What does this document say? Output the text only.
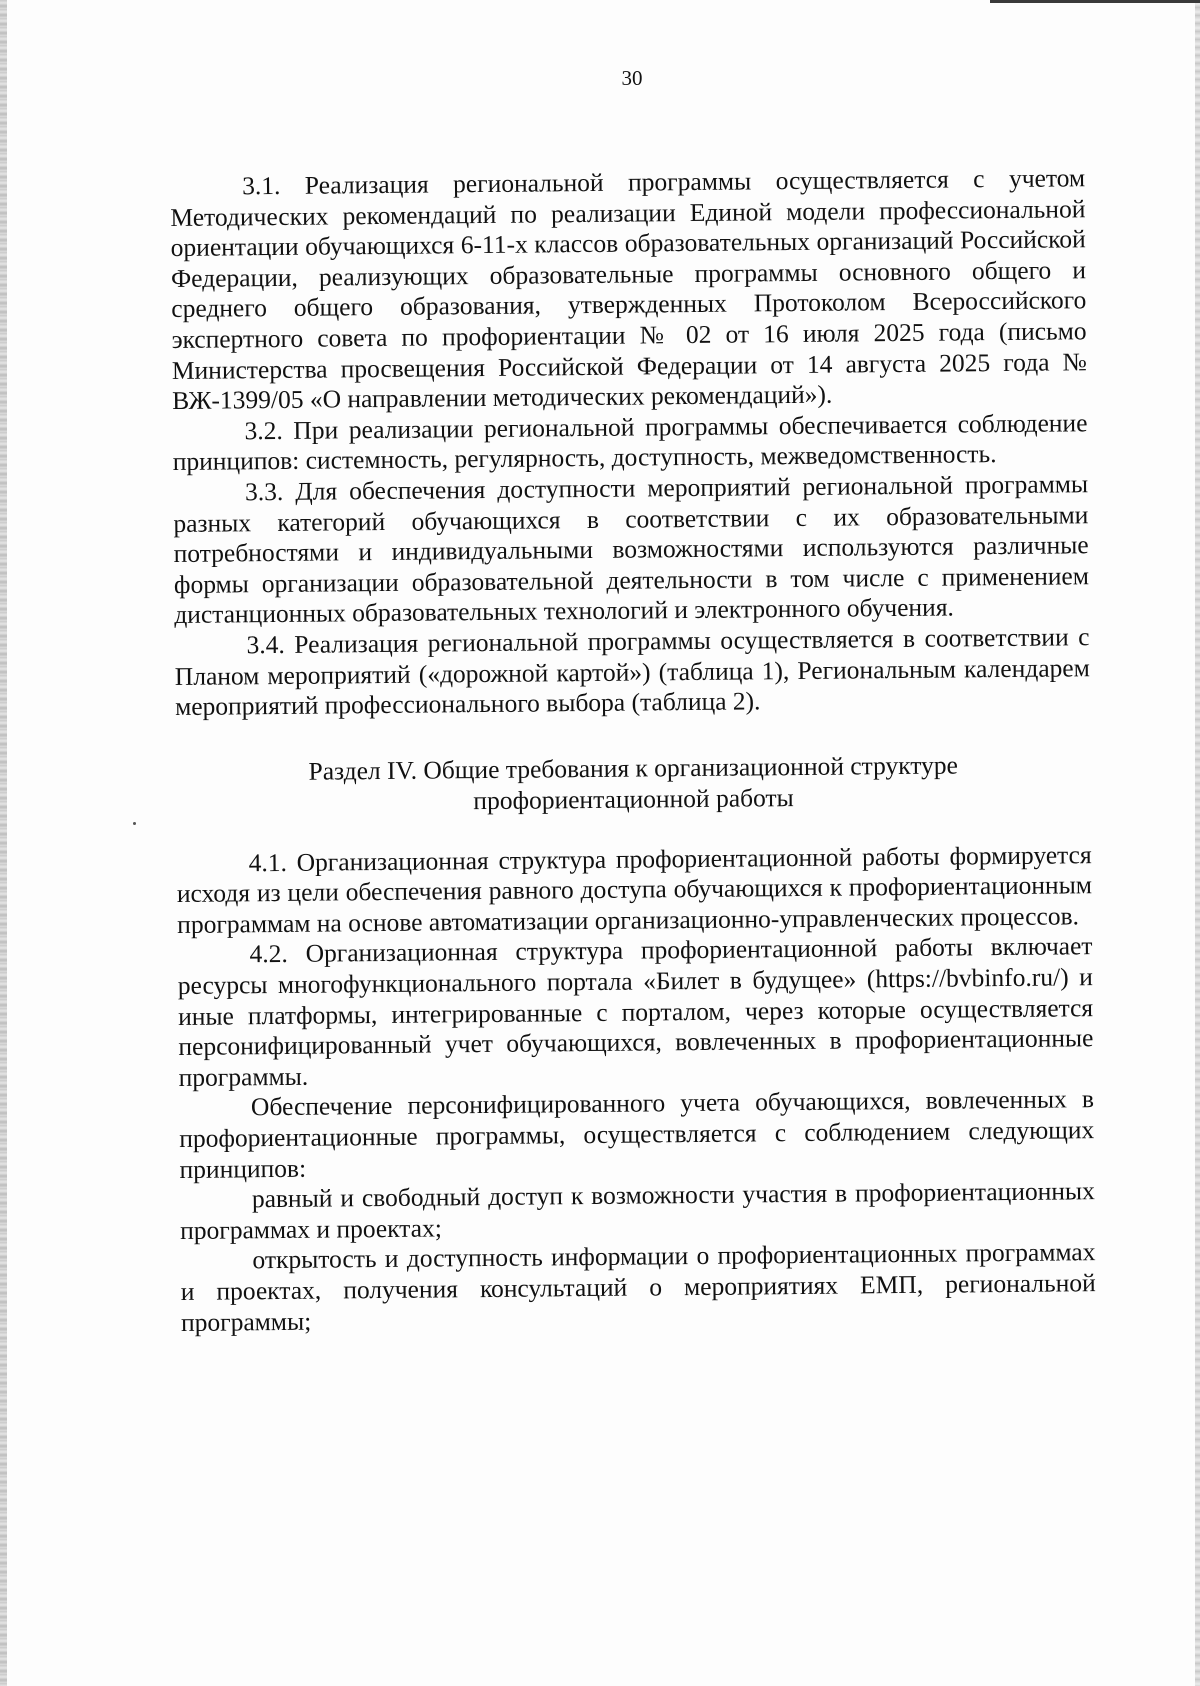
30

3.1. Реализация региональной программы осуществляется с учетом Методических рекомендаций по реализации Единой модели профессиональной ориентации обучающихся 6-11-х классов образовательных организаций Российской Федерации, реализующих образовательные программы основного общего и среднего общего образования, утвержденных Протоколом Всероссийского экспертного совета по профориентации № 02 от 16 июля 2025 года (письмо Министерства просвещения Российской Федерации от 14 августа 2025 года № ВЖ-1399/05 «О направлении методических рекомендаций»).

3.2. При реализации региональной программы обеспечивается соблюдение принципов: системность, регулярность, доступность, межведомственность.

3.3. Для обеспечения доступности мероприятий региональной программы разных категорий обучающихся в соответствии с их образовательными потребностями и индивидуальными возможностями используются различные формы организации образовательной деятельности в том числе с применением дистанционных образовательных технологий и электронного обучения.

3.4. Реализация региональной программы осуществляется в соответствии с Планом мероприятий («дорожной картой») (таблица 1), Региональным календарем мероприятий профессионального выбора (таблица 2).

Раздел IV. Общие требования к организационной структуре

профориентационной работы

4.1. Организационная структура профориентационной работы формируется исходя из цели обеспечения равного доступа обучающихся к профориентационным программам на основе автоматизации организационно-управленческих процессов.

4.2. Организационная структура профориентационной работы включает ресурсы многофункционального портала «Билет в будущее» (https://bvbinfo.ru/) и иные платформы, интегрированные с порталом, через которые осуществляется персонифицированный учет обучающихся, вовлеченных в профориентационные программы.

Обеспечение персонифицированного учета обучающихся, вовлеченных в профориентационные программы, осуществляется с соблюдением следующих принципов:

равный и свободный доступ к возможности участия в профориентационных программах и проектах;

открытость и доступность информации о профориентационных программах и проектах, получения консультаций о мероприятиях ЕМП, региональной программы;
